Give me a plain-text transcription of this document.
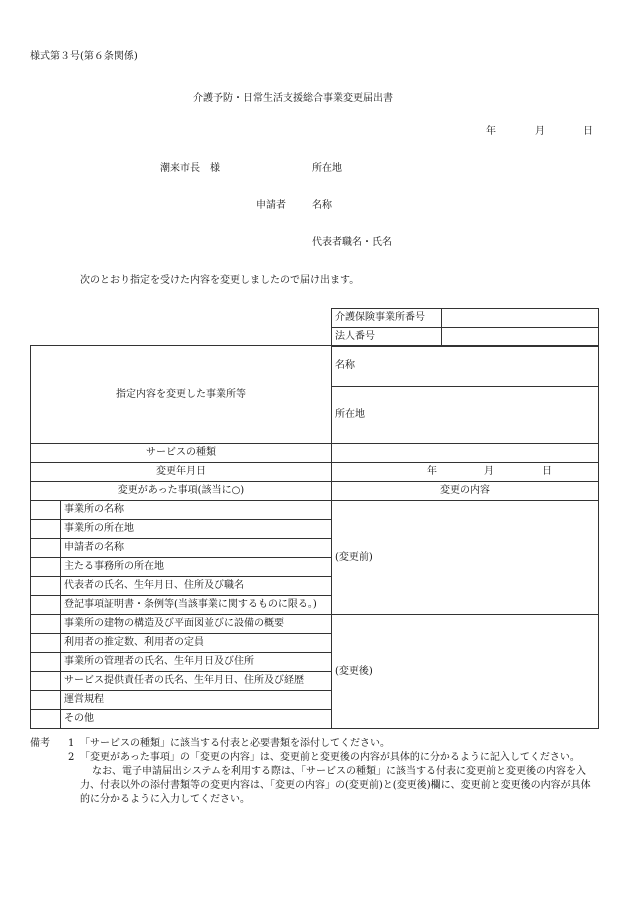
様式第３号(第６条関係)
介護予防・日常生活支援総合事業変更届出書
年	月	日
潮来市長　様	所在地
申請者	名称
代表者職名・氏名
次のとおり指定を受けた内容を変更しましたので届け出ます。
介護保険事業所番号	

法人番号	
指定内容を変更した事業所等		名称
		所在地
サービスの種類		
変更年月日		年 月 日

変更があった事項(該当に○)		変更の内容
	事業所の名称	(変更前)
	事業所の所在地	
	申請者の名称	
	主たる事務所の所在地	
	代表者の氏名、生年月日、住所及び職名	
	登記事項証明書・条例等(当該事業に関するものに限る。)	
	事業所の建物の構造及び平面図並びに設備の概要	(変更後)
	利用者の推定数、利用者の定員	
	事業所の管理者の氏名、生年月日及び住所	
	サービス提供責任者の氏名、生年月日、住所及び経歴	
	運営規程	
	その他	
備考	1 「サービスの種類」に該当する付表と必要書類を添付してください。
2 「変更があった事項」の「変更の内容」は、変更前と変更後の内容が具体的に分かるように記入してください。
なお、電子申請届出システムを利用する際は、「サービスの種類」に該当する付表に変更前と変更後の内容を入力、付表以外の添付書類等の変更内容は、「変更の内容」の(変更前)と(変更後)欄に、変更前と変更後の内容が具体的に分かるように入力してください。
